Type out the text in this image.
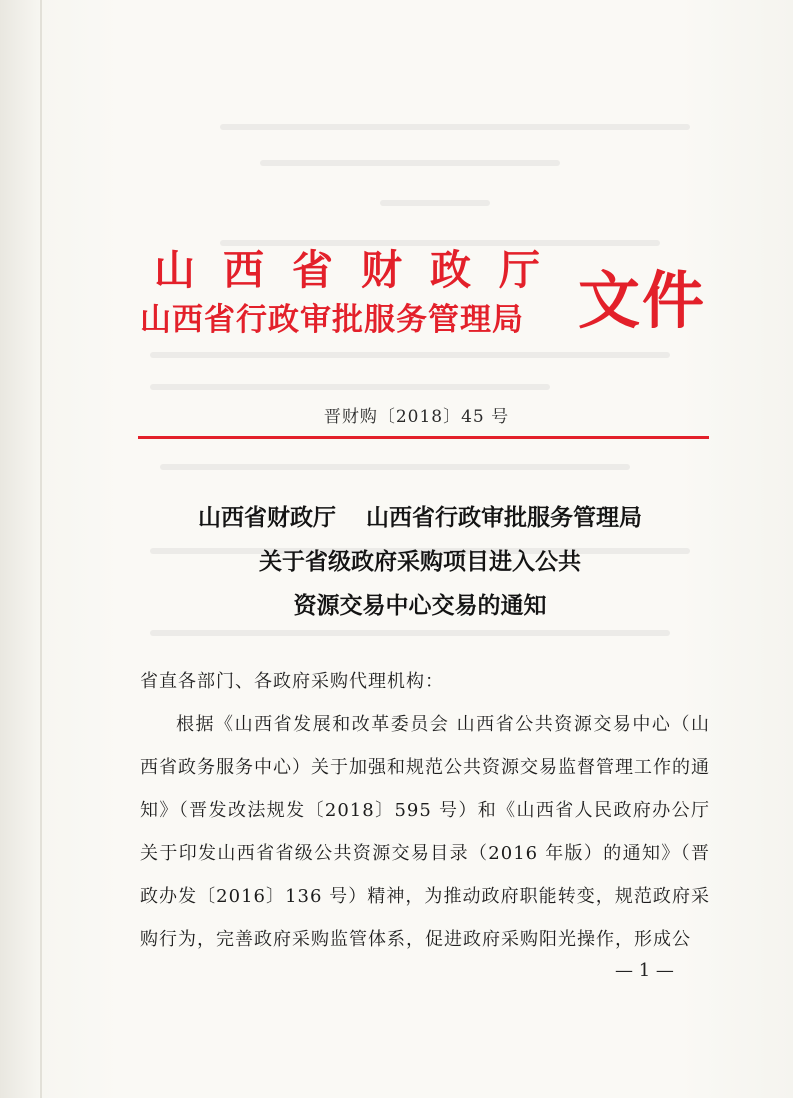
山西省财政厅
山西省行政审批服务管理局 文件
晋财购〔2018〕45 号
山西省财政厅 山西省行政审批服务管理局
关于省级政府采购项目进入公共
资源交易中心交易的通知

省直各部门、各政府采购代理机构：

根据《山西省发展和改革委员会 山西省公共资源交易中心（山西省政务服务中心）关于加强和规范公共资源交易监督管理工作的通知》（晋发改法规发〔2018〕595 号）和《山西省人民政府办公厅关于印发山西省省级公共资源交易目录（2016 年版）的通知》（晋政办发〔2016〕136 号）精神，为推动政府职能转变，规范政府采购行为，完善政府采购监管体系，促进政府采购阳光操作，形成公

— 1 —
